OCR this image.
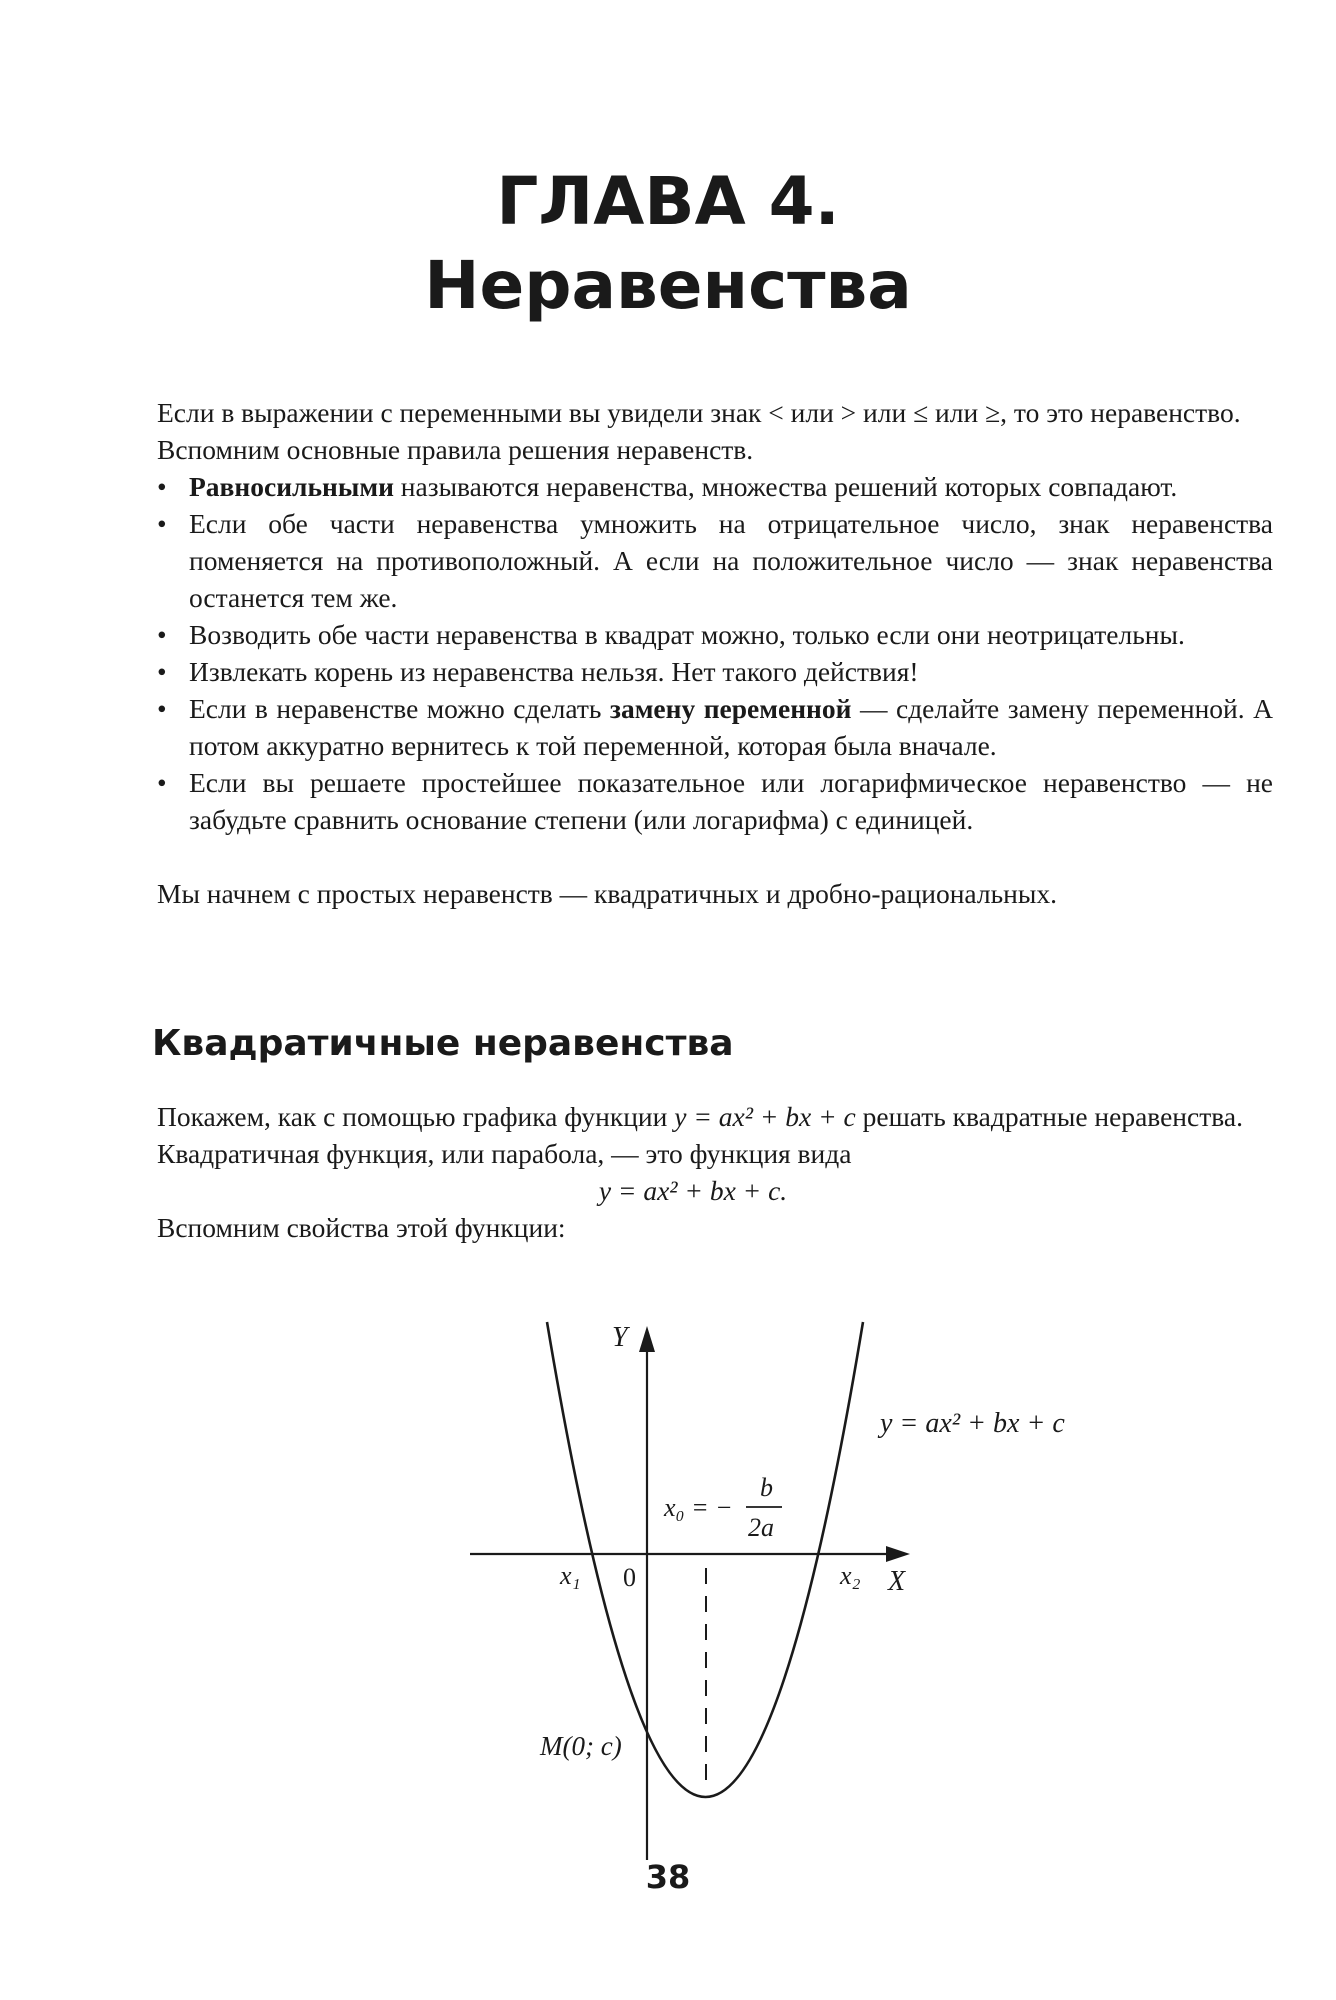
ГЛАВА 4.
Неравенства

Если в выражении с переменными вы увидели знак < или > или ≤ или ≥, то это неравенство.

Вспомним основные правила решения неравенств.

• Равносильными называются неравенства, множества решений которых совпадают.
• Если обе части неравенства умножить на отрицательное число, знак неравенства поменяется на противоположный. А если на положительное число — знак неравенства останется тем же.
• Возводить обе части неравенства в квадрат можно, только если они неотрицательны.
• Извлекать корень из неравенства нельзя. Нет такого действия!
• Если в неравенстве можно сделать замену переменной — сделайте замену переменной. А потом аккуратно вернитесь к той переменной, которая была вначале.
• Если вы решаете простейшее показательное или логарифмическое неравенство — не забудьте сравнить основание степени (или логарифма) с единицей.

Мы начнем с простых неравенств — квадратичных и дробно-рациональных.

Квадратичные неравенства

Покажем, как с помощью графика функции y = ax² + bx + c решать квадратные неравенства.

Квадратичная функция, или парабола, — это функция вида

y = ax² + bx + c.

Вспомним свойства этой функции:

Y
X
0
x₁	x₂
y = ax² + bx + c
x₀ = −
b
2a
M(0; c)
38
